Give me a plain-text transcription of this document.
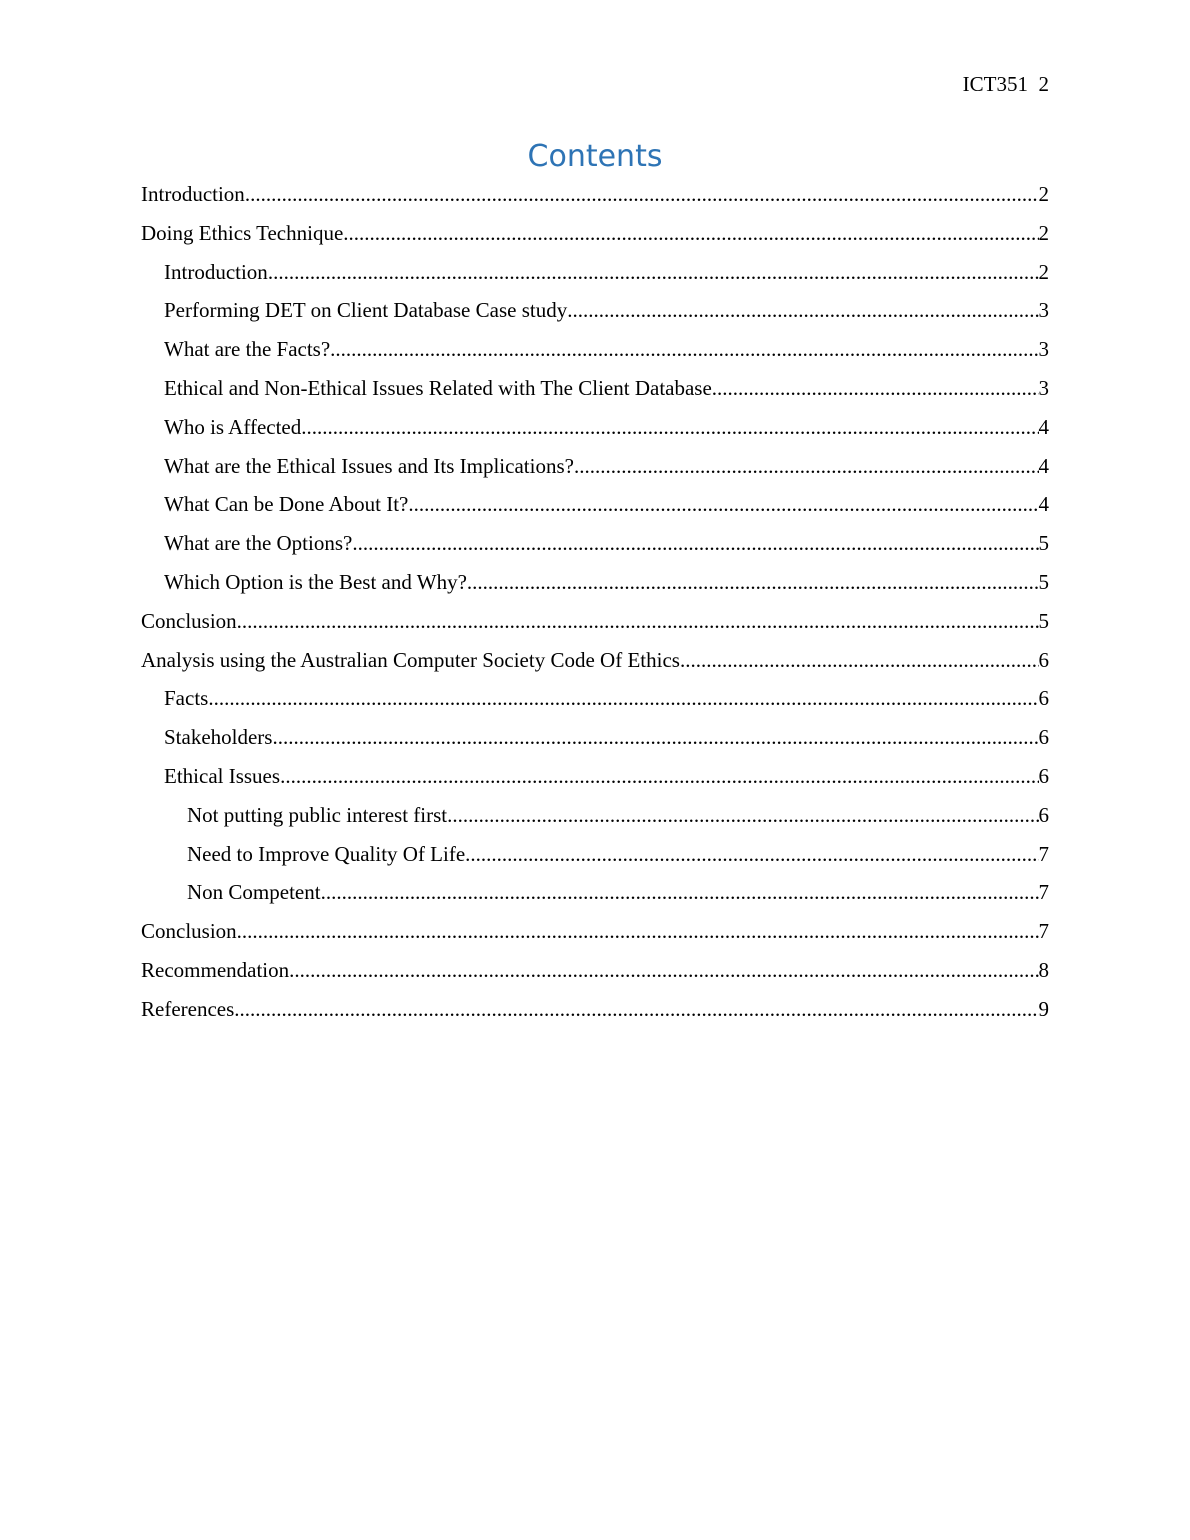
ICT351  2
Contents
Introduction .....	2
Doing Ethics Technique .....	2
Introduction .....	2
Performing DET on Client Database Case study .....	3
What are the Facts? .....	3
Ethical and Non-Ethical Issues Related with The Client Database .....	3
Who is Affected .....	4
What are the Ethical Issues and Its Implications? .....	4
What Can be Done About It? .....	4
What are the Options? .....	5
Which Option is the Best and Why? .....	5
Conclusion .....	5
Analysis using the Australian Computer Society Code Of Ethics .....	6
Facts .....	6
Stakeholders .....	6
Ethical Issues .....	6
Not putting public interest first .....	6
Need to Improve Quality Of Life .....	7
Non Competent .....	7
Conclusion .....	7
Recommendation .....	8
References .....	9
